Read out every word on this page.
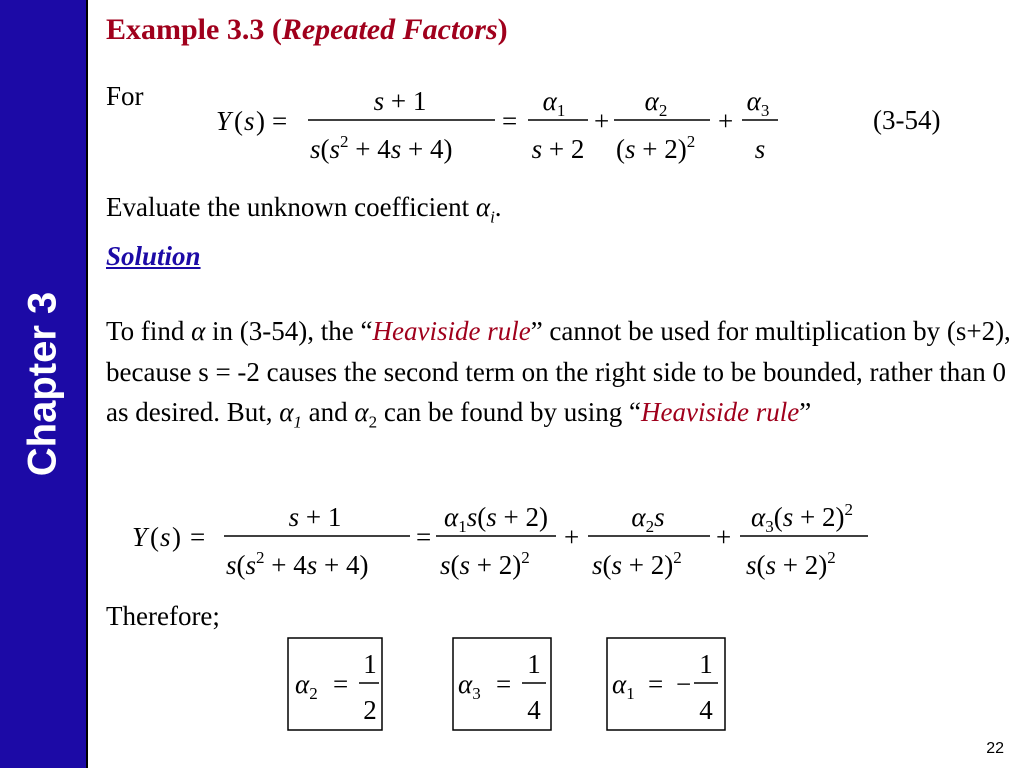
Chapter 3
Example 3.3 (Repeated Factors)
For
Y ( s ) =
s + 1
$s(s^2 + 4s + 4)$
=
$\alpha_1$
s + 2
+
$\alpha_2$
$(s + 2)^2$
+
$\alpha_3$
s
(3-54)
Evaluate the unknown coefficient $\alpha_i$.
Solution
To find α in (3-54), the “Heaviside rule” cannot be used for multiplication by (s+2), because s = -2 causes the second term on the right side to be bounded, rather than 0 as desired. But, $\alpha_1$ and $\alpha_2$ can be found by using “Heaviside rule”
Y ( s ) =
s + 1
$s(s^2 + 4s + 4)$
=
$\alpha_1s(s + 2)$
$s(s + 2)^2$
+
$\alpha_2s$
$s(s + 2)^2$
+
$\alpha_3(s + 2)^2$
$s(s + 2)^2$
Therefore;
$\alpha_2$ =
1
2
$\alpha_3$ =
1
4
$\alpha_1$ = −
1
4
22
